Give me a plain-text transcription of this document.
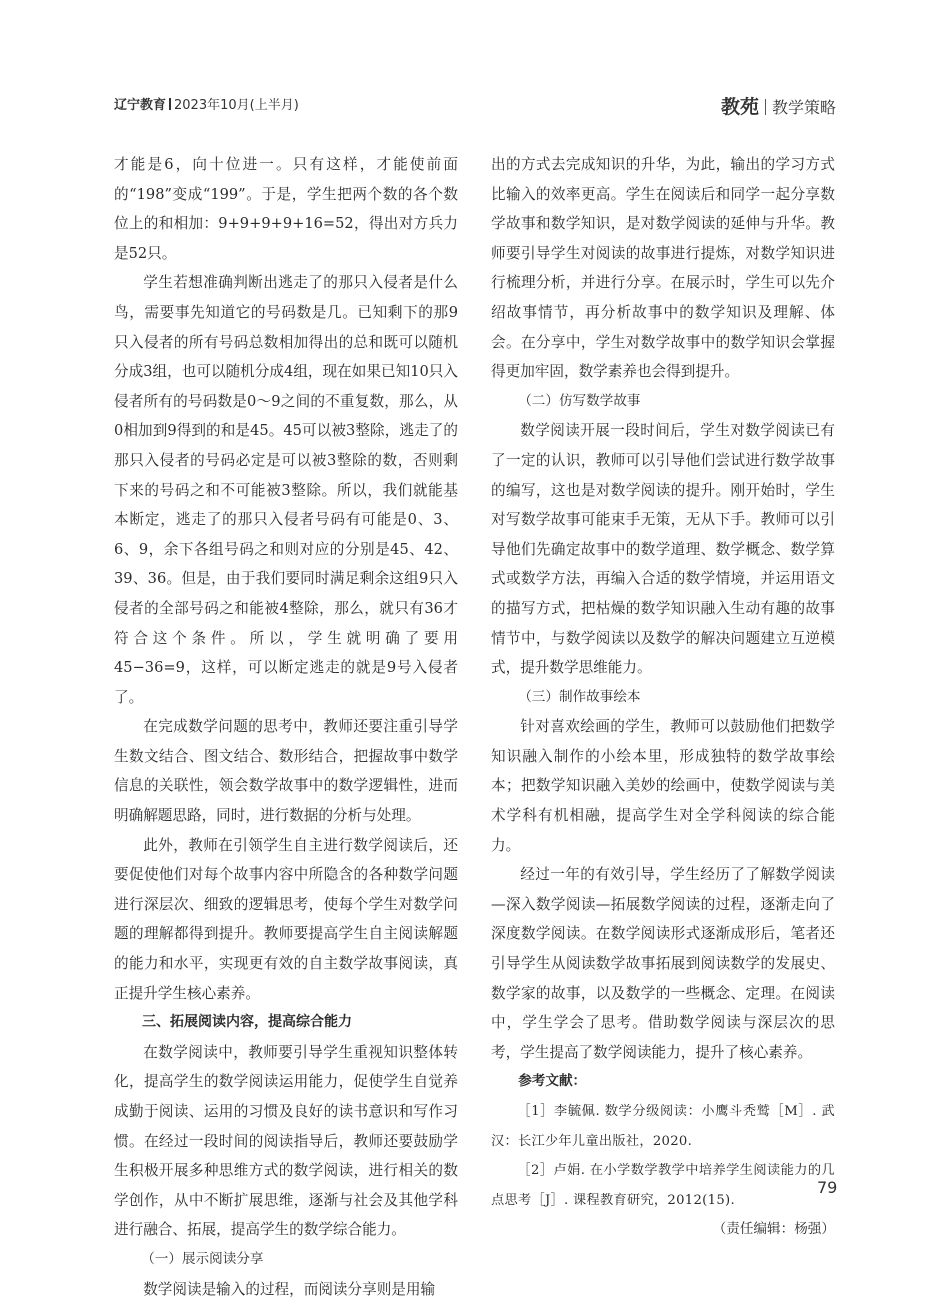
辽宁教育 2023年10月(上半月)	教苑 教学策略

才能是6，向十位进一。只有这样，才能使前面的“198”变成“199”。于是，学生把两个数的各个数位上的和相加：9+9+9+9+16=52，得出对方兵力是52只。

学生若想准确判断出逃走了的那只入侵者是什么鸟，需要事先知道它的号码数是几。已知剩下的那9只入侵者的所有号码总数相加得出的总和既可以随机分成3组，也可以随机分成4组，现在如果已知10只入侵者所有的号码数是0～9之间的不重复数，那么，从0相加到9得到的和是45。45可以被3整除，逃走了的那只入侵者的号码必定是可以被3整除的数，否则剩下来的号码之和不可能被3整除。所以，我们就能基本断定，逃走了的那只入侵者号码有可能是0、3、6、9，余下各组号码之和则对应的分别是45、42、39、36。但是，由于我们要同时满足剩余这组9只入侵者的全部号码之和能被4整除，那么，就只有36才符合这个条件。所以，学生就明确了要用45−36=9，这样，可以断定逃走的就是9号入侵者了。

在完成数学问题的思考中，教师还要注重引导学生数文结合、图文结合、数形结合，把握故事中数学信息的关联性，领会数学故事中的数学逻辑性，进而明确解题思路，同时，进行数据的分析与处理。

此外，教师在引领学生自主进行数学阅读后，还要促使他们对每个故事内容中所隐含的各种数学问题进行深层次、细致的逻辑思考，使每个学生对数学问题的理解都得到提升。教师要提高学生自主阅读解题的能力和水平，实现更有效的自主数学故事阅读，真正提升学生核心素养。

三、拓展阅读内容，提高综合能力

在数学阅读中，教师要引导学生重视知识整体转化，提高学生的数学阅读运用能力，促使学生自觉养成勤于阅读、运用的习惯及良好的读书意识和写作习惯。在经过一段时间的阅读指导后，教师还要鼓励学生积极开展多种思维方式的数学阅读，进行相关的数学创作，从中不断扩展思维，逐渐与社会及其他学科进行融合、拓展，提高学生的数学综合能力。

（一）展示阅读分享

数学阅读是输入的过程，而阅读分享则是用输

出的方式去完成知识的升华，为此，输出的学习方式比输入的效率更高。学生在阅读后和同学一起分享数学故事和数学知识，是对数学阅读的延伸与升华。教师要引导学生对阅读的故事进行提炼，对数学知识进行梳理分析，并进行分享。在展示时，学生可以先介绍故事情节，再分析故事中的数学知识及理解、体会。在分享中，学生对数学故事中的数学知识会掌握得更加牢固，数学素养也会得到提升。

（二）仿写数学故事

数学阅读开展一段时间后，学生对数学阅读已有了一定的认识，教师可以引导他们尝试进行数学故事的编写，这也是对数学阅读的提升。刚开始时，学生对写数学故事可能束手无策，无从下手。教师可以引导他们先确定故事中的数学道理、数学概念、数学算式或数学方法，再编入合适的数学情境，并运用语文的描写方式，把枯燥的数学知识融入生动有趣的故事情节中，与数学阅读以及数学的解决问题建立互逆模式，提升数学思维能力。

（三）制作故事绘本

针对喜欢绘画的学生，教师可以鼓励他们把数学知识融入制作的小绘本里，形成独特的数学故事绘本；把数学知识融入美妙的绘画中，使数学阅读与美术学科有机相融，提高学生对全学科阅读的综合能力。

经过一年的有效引导，学生经历了了解数学阅读—深入数学阅读—拓展数学阅读的过程，逐渐走向了深度数学阅读。在数学阅读形式逐渐成形后，笔者还引导学生从阅读数学故事拓展到阅读数学的发展史、数学家的故事，以及数学的一些概念、定理。在阅读中，学生学会了思考。借助数学阅读与深层次的思考，学生提高了数学阅读能力，提升了核心素养。

参考文献：

［1］李毓佩. 数学分级阅读：小鹰斗秃鹫［M］. 武汉：长江少年儿童出版社，2020.

［2］卢娟. 在小学数学教学中培养学生阅读能力的几点思考［J］. 课程教育研究，2012(15).

（责任编辑：杨强）

79
